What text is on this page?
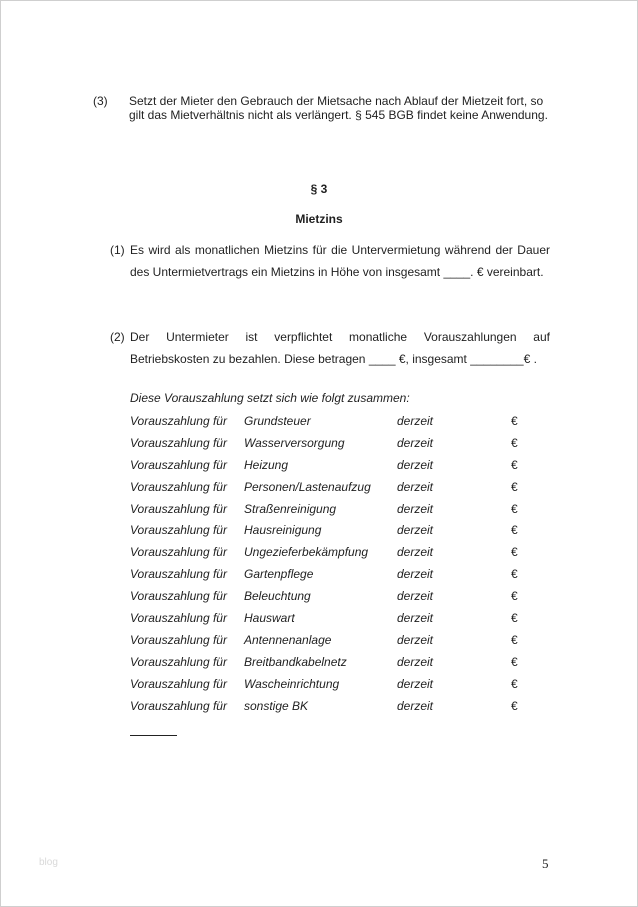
(3) Setzt der Mieter den Gebrauch der Mietsache nach Ablauf der Mietzeit fort, so gilt das Mietverhältnis nicht als verlängert. § 545 BGB findet keine Anwendung.
§ 3
Mietzins
(1) Es wird als monatlichen Mietzins für die Untervermietung während der Dauer des Untermietvertrags ein Mietzins in Höhe von insgesamt ____. € vereinbart.
(2) Der Untermieter ist verpflichtet monatliche Vorauszahlungen auf Betriebskosten zu bezahlen. Diese betragen ____ €, insgesamt ________€ .
Diese Vorauszahlung setzt sich wie folgt zusammen:
Vorauszahlung für Grundsteuer	derzeit	€
Vorauszahlung für Wasserversorgung	derzeit	€
Vorauszahlung für Heizung	derzeit	€
Vorauszahlung für Personen/Lastenaufzug derzeit	€
Vorauszahlung für Straßenreinigung	derzeit	€
Vorauszahlung für Hausreinigung	derzeit	€
Vorauszahlung für Ungezieferbekämpfung derzeit	€
Vorauszahlung für Gartenpflege	derzeit	€
Vorauszahlung für Beleuchtung	derzeit	€
Vorauszahlung für Hauswart	derzeit	€
Vorauszahlung für Antennenanlage	derzeit	€
Vorauszahlung für Breitbandkabelnetz	derzeit	€
Vorauszahlung für Wascheinrichtung	derzeit	€
Vorauszahlung für sonstige BK	derzeit	€
blog	5
